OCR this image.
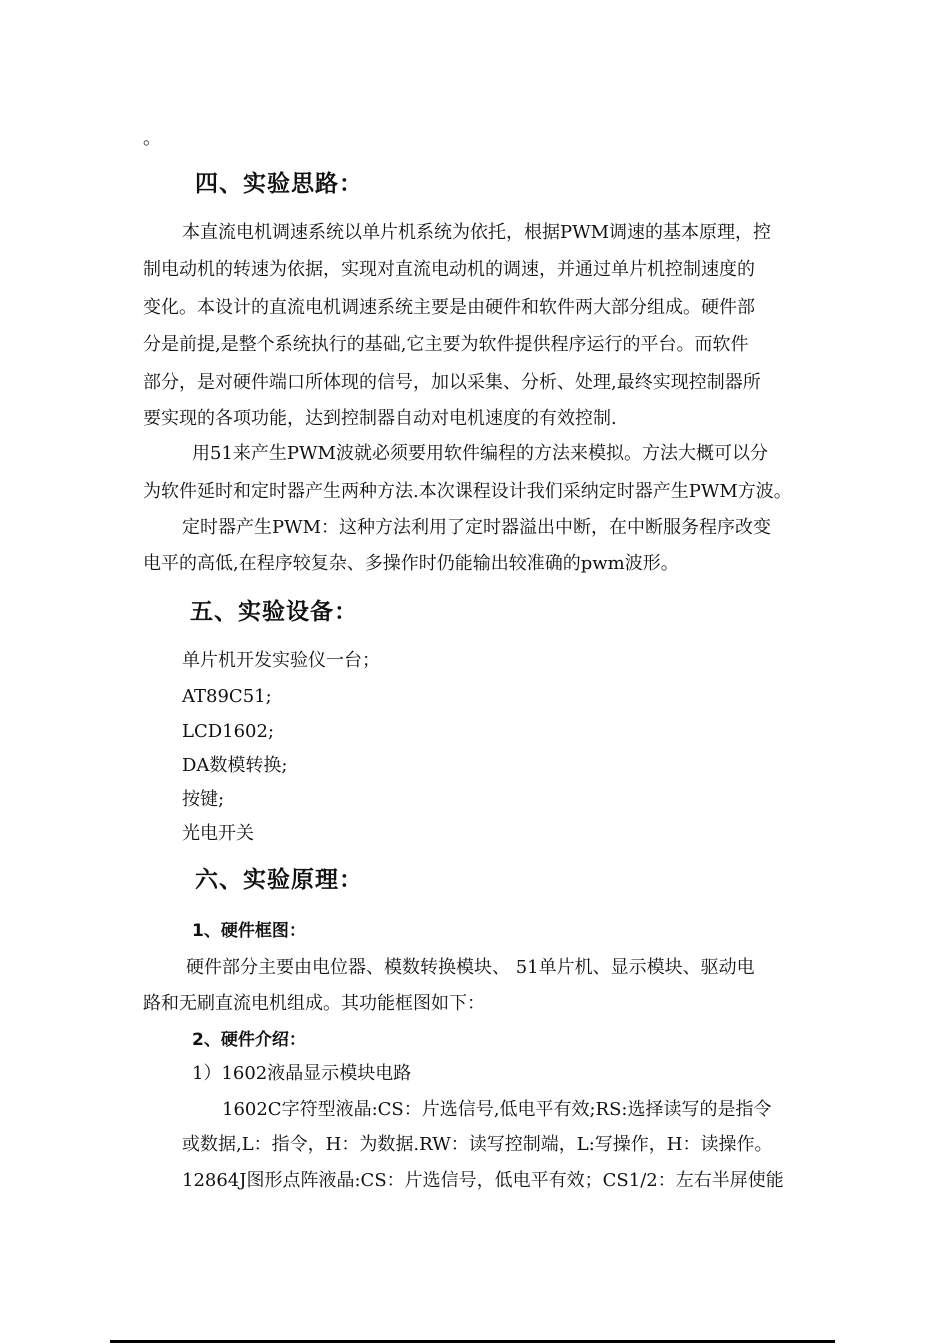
。
四、实验思路：
本直流电机调速系统以单片机系统为依托，根据PWM调速的基本原理，控
制电动机的转速为依据，实现对直流电动机的调速，并通过单片机控制速度的
变化。本设计的直流电机调速系统主要是由硬件和软件两大部分组成。硬件部
分是前提,是整个系统执行的基础,它主要为软件提供程序运行的平台。而软件
部分，是对硬件端口所体现的信号，加以采集、分析、处理,最终实现控制器所
要实现的各项功能，达到控制器自动对电机速度的有效控制.
用51来产生PWM波就必须要用软件编程的方法来模拟。方法大概可以分
为软件延时和定时器产生两种方法.本次课程设计我们采纳定时器产生PWM方波。
定时器产生PWM：这种方法利用了定时器溢出中断，在中断服务程序改变
电平的高低,在程序较复杂、多操作时仍能输出较准确的pwm波形。
五、实验设备：
单片机开发实验仪一台；
AT89C51;
LCD1602;
DA数模转换;
按键;
光电开关
六、实验原理：
1、硬件框图：
硬件部分主要由电位器、模数转换模块、 51单片机、显示模块、驱动电
路和无刷直流电机组成。其功能框图如下：
2、硬件介绍：
1）1602液晶显示模块电路
1602C字符型液晶:CS：片选信号,低电平有效;RS:选择读写的是指令
或数据,L：指令，H：为数据.RW：读写控制端，L:写操作，H：读操作。
12864J图形点阵液晶:CS：片选信号，低电平有效；CS1/2：左右半屏使能
